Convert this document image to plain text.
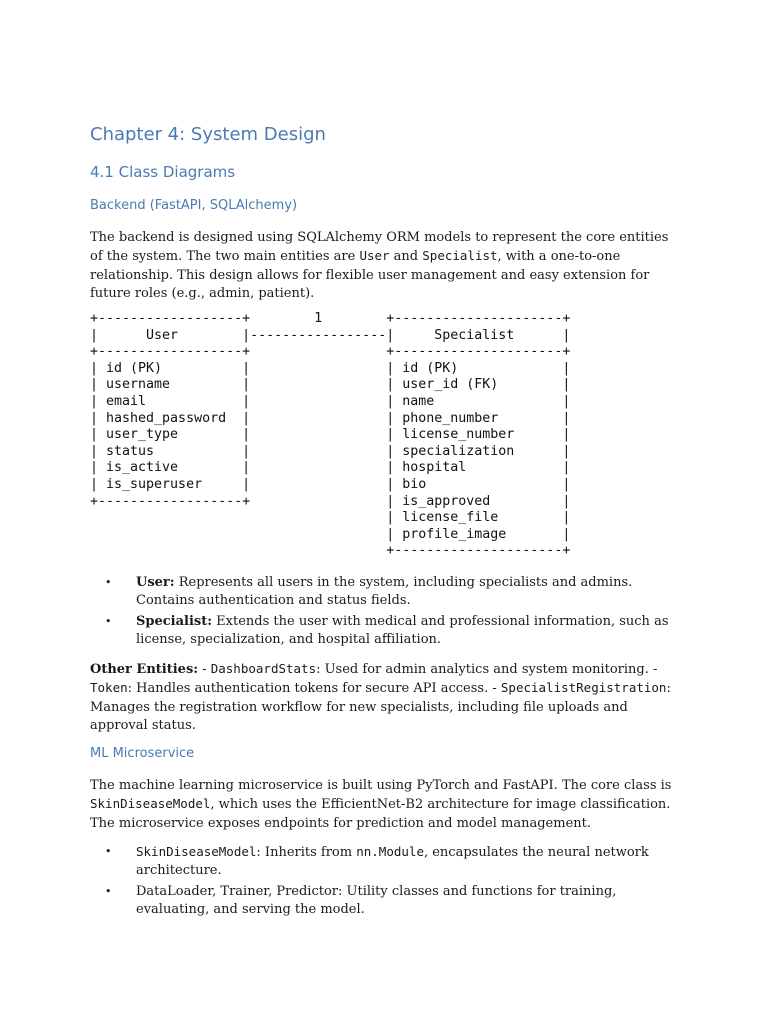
Chapter 4: System Design
4.1 Class Diagrams
Backend (FastAPI, SQLAlchemy)

The backend is designed using SQLAlchemy ORM models to represent the core entities of the system. The two main entities are User and Specialist, with a one-to-one relationship. This design allows for flexible user management and easy extension for future roles (e.g., admin, patient).

+------------------+        1        +---------------------+
|      User        |-----------------|     Specialist      |
+------------------+                 +---------------------+
| id (PK)          |                 | id (PK)             |
| username         |                 | user_id (FK)        |
| email            |                 | name                |
| hashed_password  |                 | phone_number        |
| user_type        |                 | license_number      |
| status           |                 | specialization      |
| is_active        |                 | hospital            |
| is_superuser     |                 | bio                 |
+------------------+                 | is_approved         |
| license_file        |
| profile_image       |
+---------------------+
• User: Represents all users in the system, including specialists and admins. Contains authentication and status fields.
• Specialist: Extends the user with medical and professional information, such as license, specialization, and hospital affiliation.

Other Entities: - DashboardStats: Used for admin analytics and system monitoring. - Token: Handles authentication tokens for secure API access. - SpecialistRegistration: Manages the registration workflow for new specialists, including file uploads and approval status.

ML Microservice

The machine learning microservice is built using PyTorch and FastAPI. The core class is SkinDiseaseModel, which uses the EfficientNet-B2 architecture for image classification. The microservice exposes endpoints for prediction and model management.

• SkinDiseaseModel: Inherits from nn.Module, encapsulates the neural network architecture.
• DataLoader, Trainer, Predictor: Utility classes and functions for training, evaluating, and serving the model.
